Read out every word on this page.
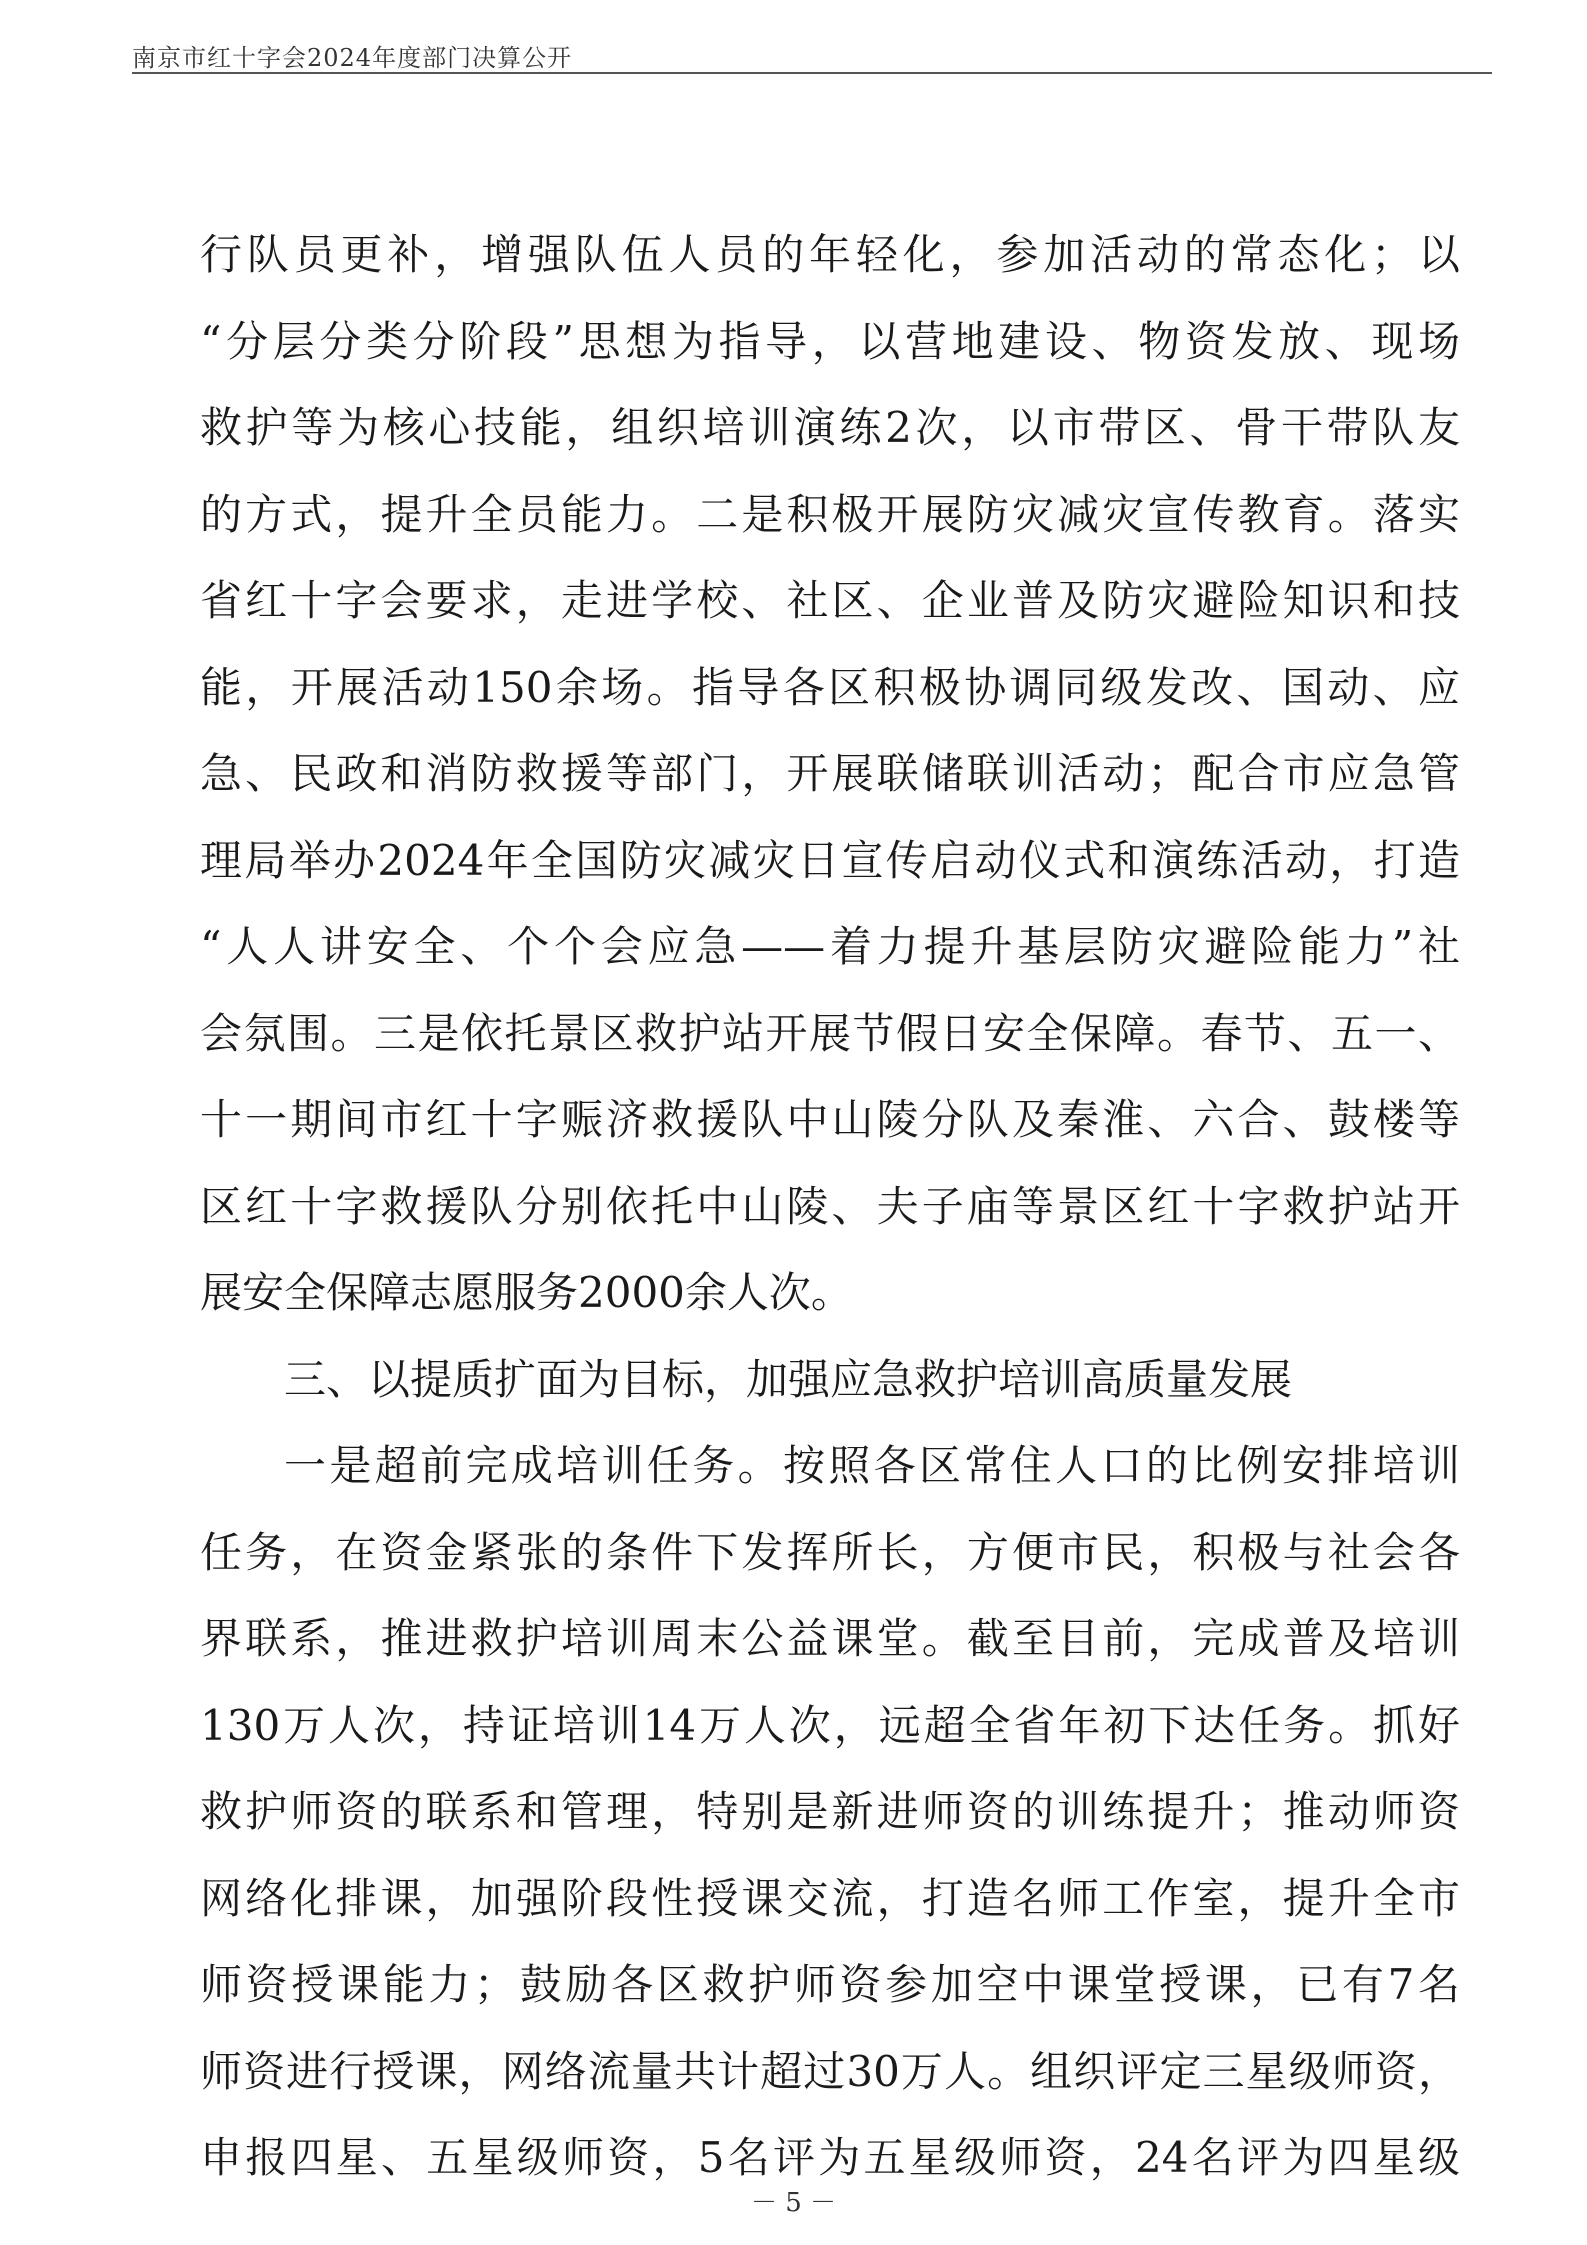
南京市红十字会2024年度部门决算公开
行队员更补，增强队伍人员的年轻化，参加活动的常态化；以
“分层分类分阶段”思想为指导，以营地建设、物资发放、现场
救护等为核心技能，组织培训演练2次，以市带区、骨干带队友
的方式，提升全员能力。二是积极开展防灾减灾宣传教育。落实
省红十字会要求，走进学校、社区、企业普及防灾避险知识和技
能，开展活动150余场。指导各区积极协调同级发改、国动、应
急、民政和消防救援等部门，开展联储联训活动；配合市应急管
理局举办2024年全国防灾减灾日宣传启动仪式和演练活动，打造
“人人讲安全、个个会应急——着力提升基层防灾避险能力”社
会氛围。三是依托景区救护站开展节假日安全保障。春节、五一、
十一期间市红十字赈济救援队中山陵分队及秦淮、六合、鼓楼等
区红十字救援队分别依托中山陵、夫子庙等景区红十字救护站开
展安全保障志愿服务2000余人次。
三、以提质扩面为目标，加强应急救护培训高质量发展
一是超前完成培训任务。按照各区常住人口的比例安排培训
任务，在资金紧张的条件下发挥所长，方便市民，积极与社会各
界联系，推进救护培训周末公益课堂。截至目前，完成普及培训
130万人次，持证培训14万人次，远超全省年初下达任务。抓好
救护师资的联系和管理，特别是新进师资的训练提升；推动师资
网络化排课，加强阶段性授课交流，打造名师工作室，提升全市
师资授课能力；鼓励各区救护师资参加空中课堂授课，已有7名
师资进行授课，网络流量共计超过30万人。组织评定三星级师资，
申报四星、五星级师资，5名评为五星级师资，24名评为四星级
－ 5 －
